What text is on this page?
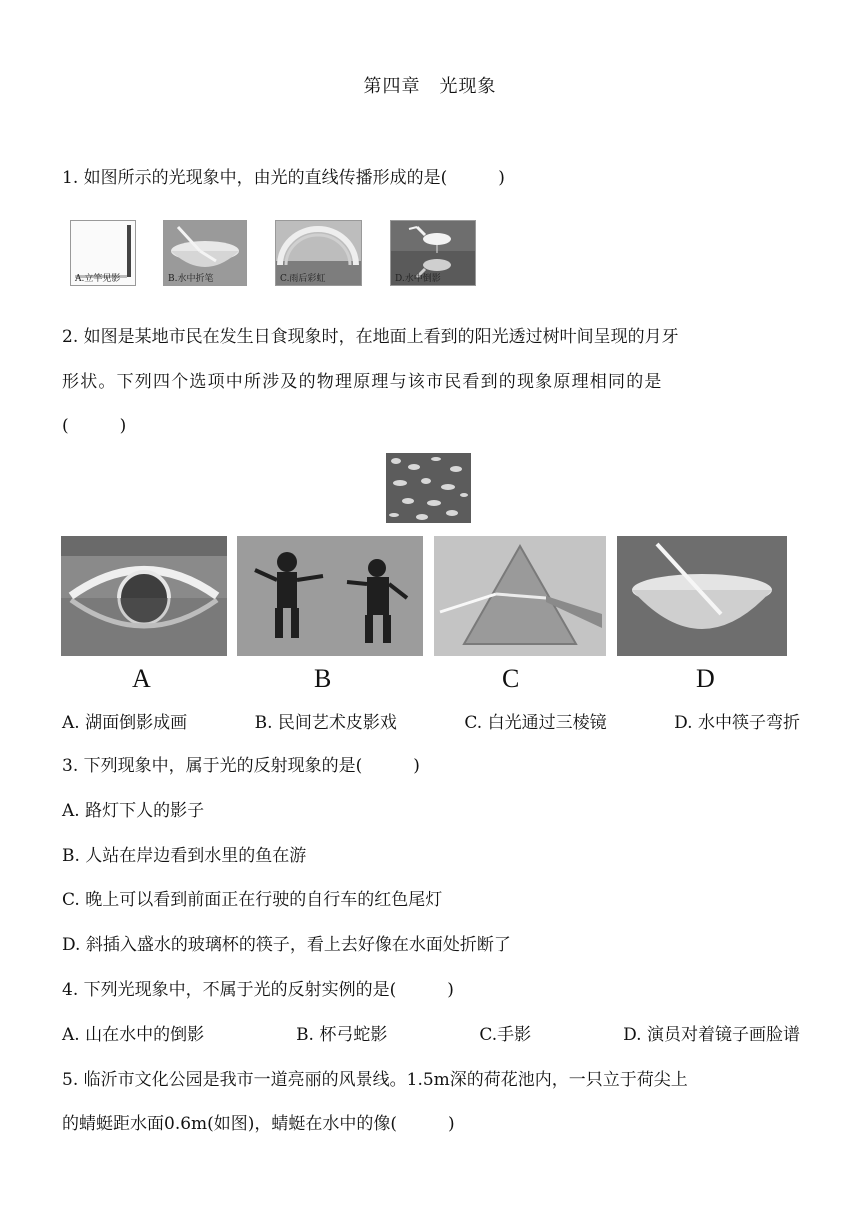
第四章　光现象
1. 如图所示的光现象中，由光的直线传播形成的是(　　　)
A.立竿见影	B.水中折笔	C.雨后彩虹	D.水中倒影
2. 如图是某地市民在发生日食现象时，在地面上看到的阳光透过树叶间呈现的月牙
形状。下列四个选项中所涉及的物理原理与该市民看到的现象原理相同的是
(　　　)
A	B	C	D
A. 湖面倒影成画	B. 民间艺术皮影戏	C. 白光通过三棱镜	D. 水中筷子弯折
3. 下列现象中，属于光的反射现象的是(　　　)
A. 路灯下人的影子
B. 人站在岸边看到水里的鱼在游
C. 晚上可以看到前面正在行驶的自行车的红色尾灯
D. 斜插入盛水的玻璃杯的筷子，看上去好像在水面处折断了
4. 下列光现象中，不属于光的反射实例的是(　　　)
A. 山在水中的倒影	B. 杯弓蛇影	C.手影	D. 演员对着镜子画脸谱
5. 临沂市文化公园是我市一道亮丽的风景线。1.5m深的荷花池内，一只立于荷尖上
的蜻蜓距水面0.6m(如图)，蜻蜓在水中的像(　　　)
